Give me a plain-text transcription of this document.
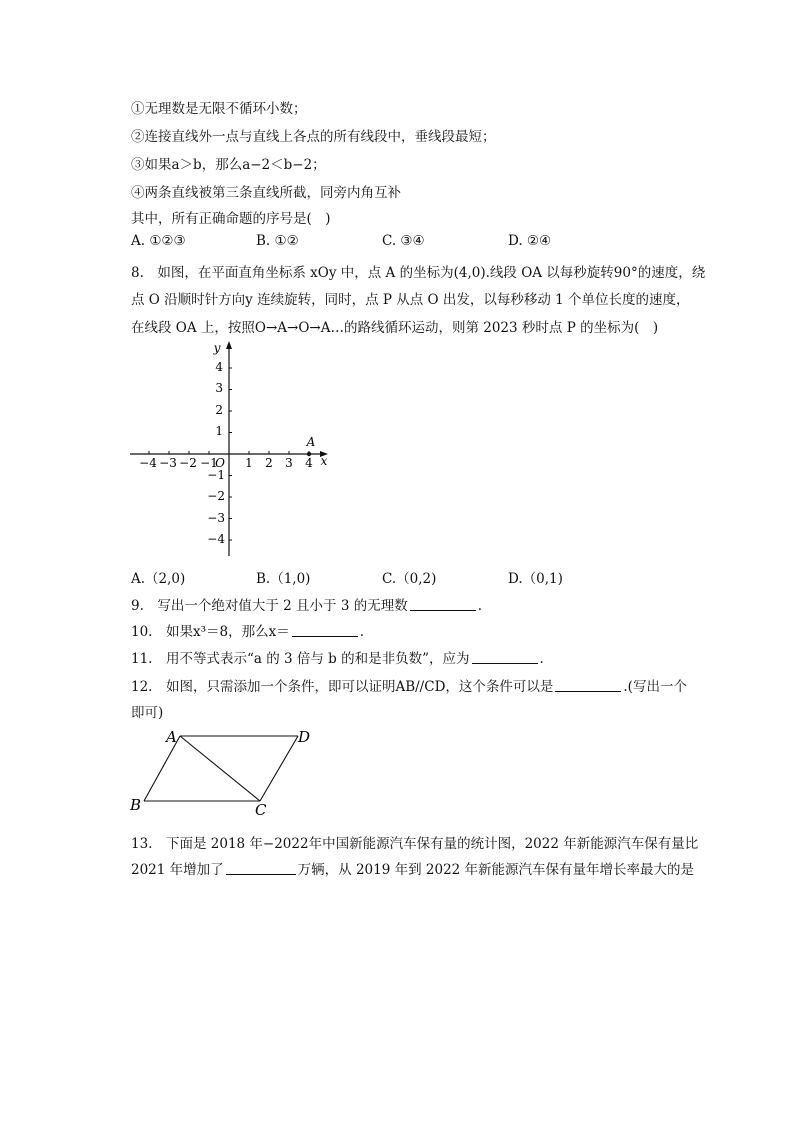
①无理数是无限不循环小数；
②连接直线外一点与直线上各点的所有线段中，垂线段最短；
③如果a＞b，那么a−2＜b−2；
④两条直线被第三条直线所截，同旁内角互补
其中，所有正确命题的序号是(　)
A. ①②③	B. ①②	C. ③④	D. ②④
8.　如图，在平面直角坐标系 xOy 中，点 A 的坐标为(4,0).线段 OA 以每秒旋转90°的速度，绕
点 O 沿顺时针方向y 连续旋转，同时，点 P 从点 O 出发，以每秒移动 1 个单位长度的速度，
在线段 OA 上，按照O→A→O→A…的路线循环运动，则第 2023 秒时点 P 的坐标为(　)
−4 −3 −2 −1
O 1 2 3 4 x
y
4
3
2
1
−1
−2
−3
−4
A
A.（2,0)	B.（1,0)	C.（0,2)	D.（0,1)
9.　写出一个绝对值大于 2 且小于 3 的无理数	.
10.　如果x³＝8，那么x＝	.
11.　用不等式表示“a 的 3 倍与 b 的和是非负数”，应为	.
12.　如图，只需添加一个条件，即可以证明AB//CD，这个条件可以是	.(写出一个
即可)
A	D
B	C
13.　下面是 2018 年−2022年中国新能源汽车保有量的统计图，2022 年新能源汽车保有量比
2021 年增加了	万辆，从 2019 年到 2022 年新能源汽车保有量年增长率最大的是
